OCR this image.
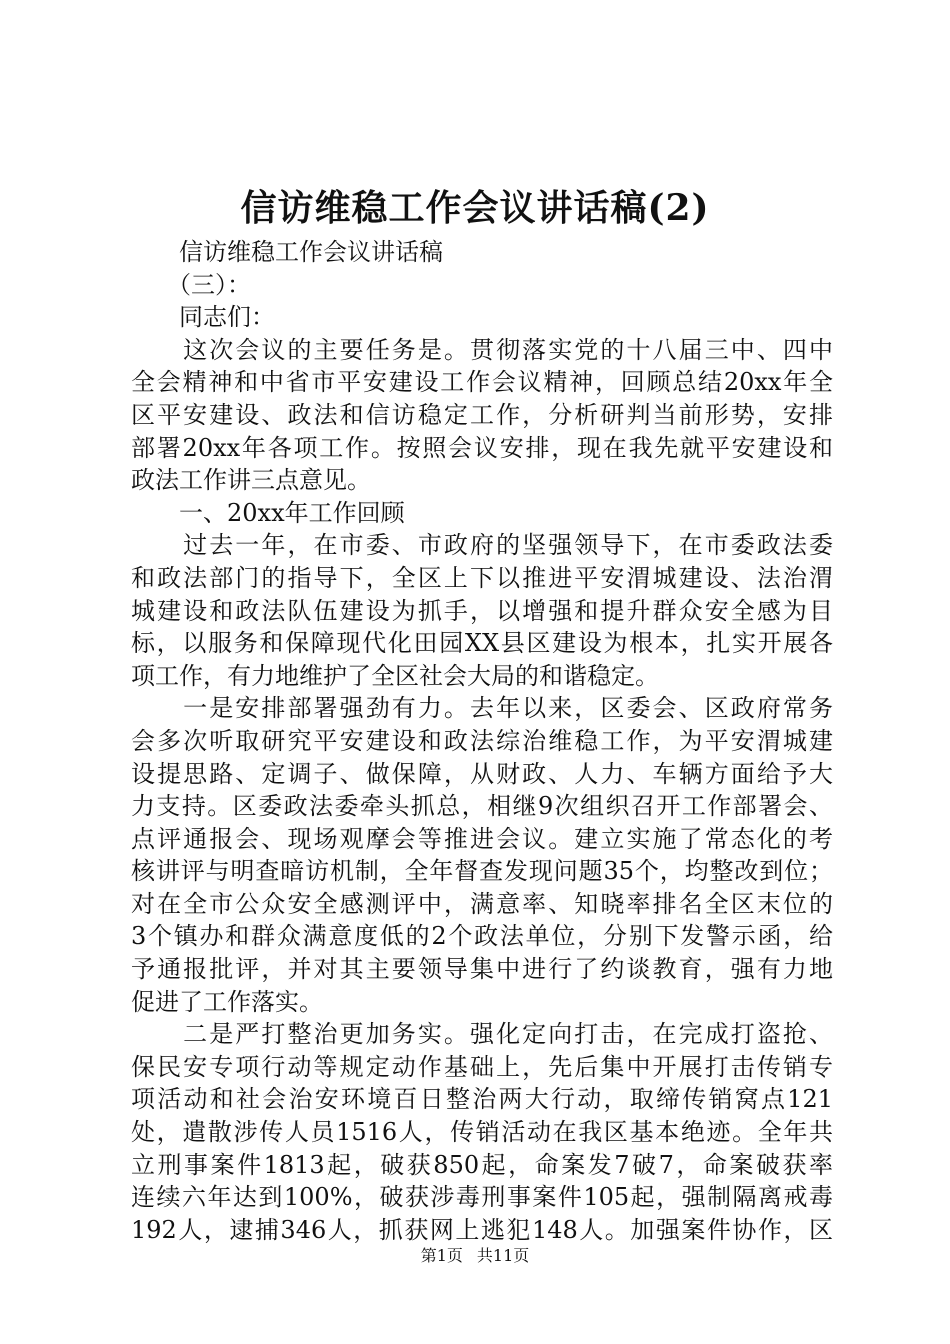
信访维稳工作会议讲话稿(2)
　　信访维稳工作会议讲话稿
　　（三）：
　　同志们：
　　这次会议的主要任务是。贯彻落实党的十八届三中、四中
全会精神和中省市平安建设工作会议精神，回顾总结20xx年全
区平安建设、政法和信访稳定工作，分析研判当前形势，安排
部署20xx年各项工作。按照会议安排，现在我先就平安建设和
政法工作讲三点意见。
　　一、20xx年工作回顾
　　过去一年，在市委、市政府的坚强领导下，在市委政法委
和政法部门的指导下，全区上下以推进平安渭城建设、法治渭
城建设和政法队伍建设为抓手，以增强和提升群众安全感为目
标，以服务和保障现代化田园XX县区建设为根本，扎实开展各
项工作，有力地维护了全区社会大局的和谐稳定。
　　一是安排部署强劲有力。去年以来，区委会、区政府常务
会多次听取研究平安建设和政法综治维稳工作，为平安渭城建
设提思路、定调子、做保障，从财政、人力、车辆方面给予大
力支持。区委政法委牵头抓总，相继9次组织召开工作部署会、
点评通报会、现场观摩会等推进会议。建立实施了常态化的考
核讲评与明查暗访机制，全年督查发现问题35个，均整改到位；
对在全市公众安全感测评中，满意率、知晓率排名全区末位的
3个镇办和群众满意度低的2个政法单位，分别下发警示函，给
予通报批评，并对其主要领导集中进行了约谈教育，强有力地
促进了工作落实。
　　二是严打整治更加务实。强化定向打击，在完成打盗抢、
保民安专项行动等规定动作基础上，先后集中开展打击传销专
项活动和社会治安环境百日整治两大行动，取缔传销窝点121
处，遣散涉传人员1516人，传销活动在我区基本绝迹。全年共
立刑事案件1813起，破获850起，命案发7破7，命案破获率
连续六年达到100%，破获涉毒刑事案件105起，强制隔离戒毒
192人，逮捕346人，抓获网上逃犯148人。加强案件协作，区
第1页 共11页
